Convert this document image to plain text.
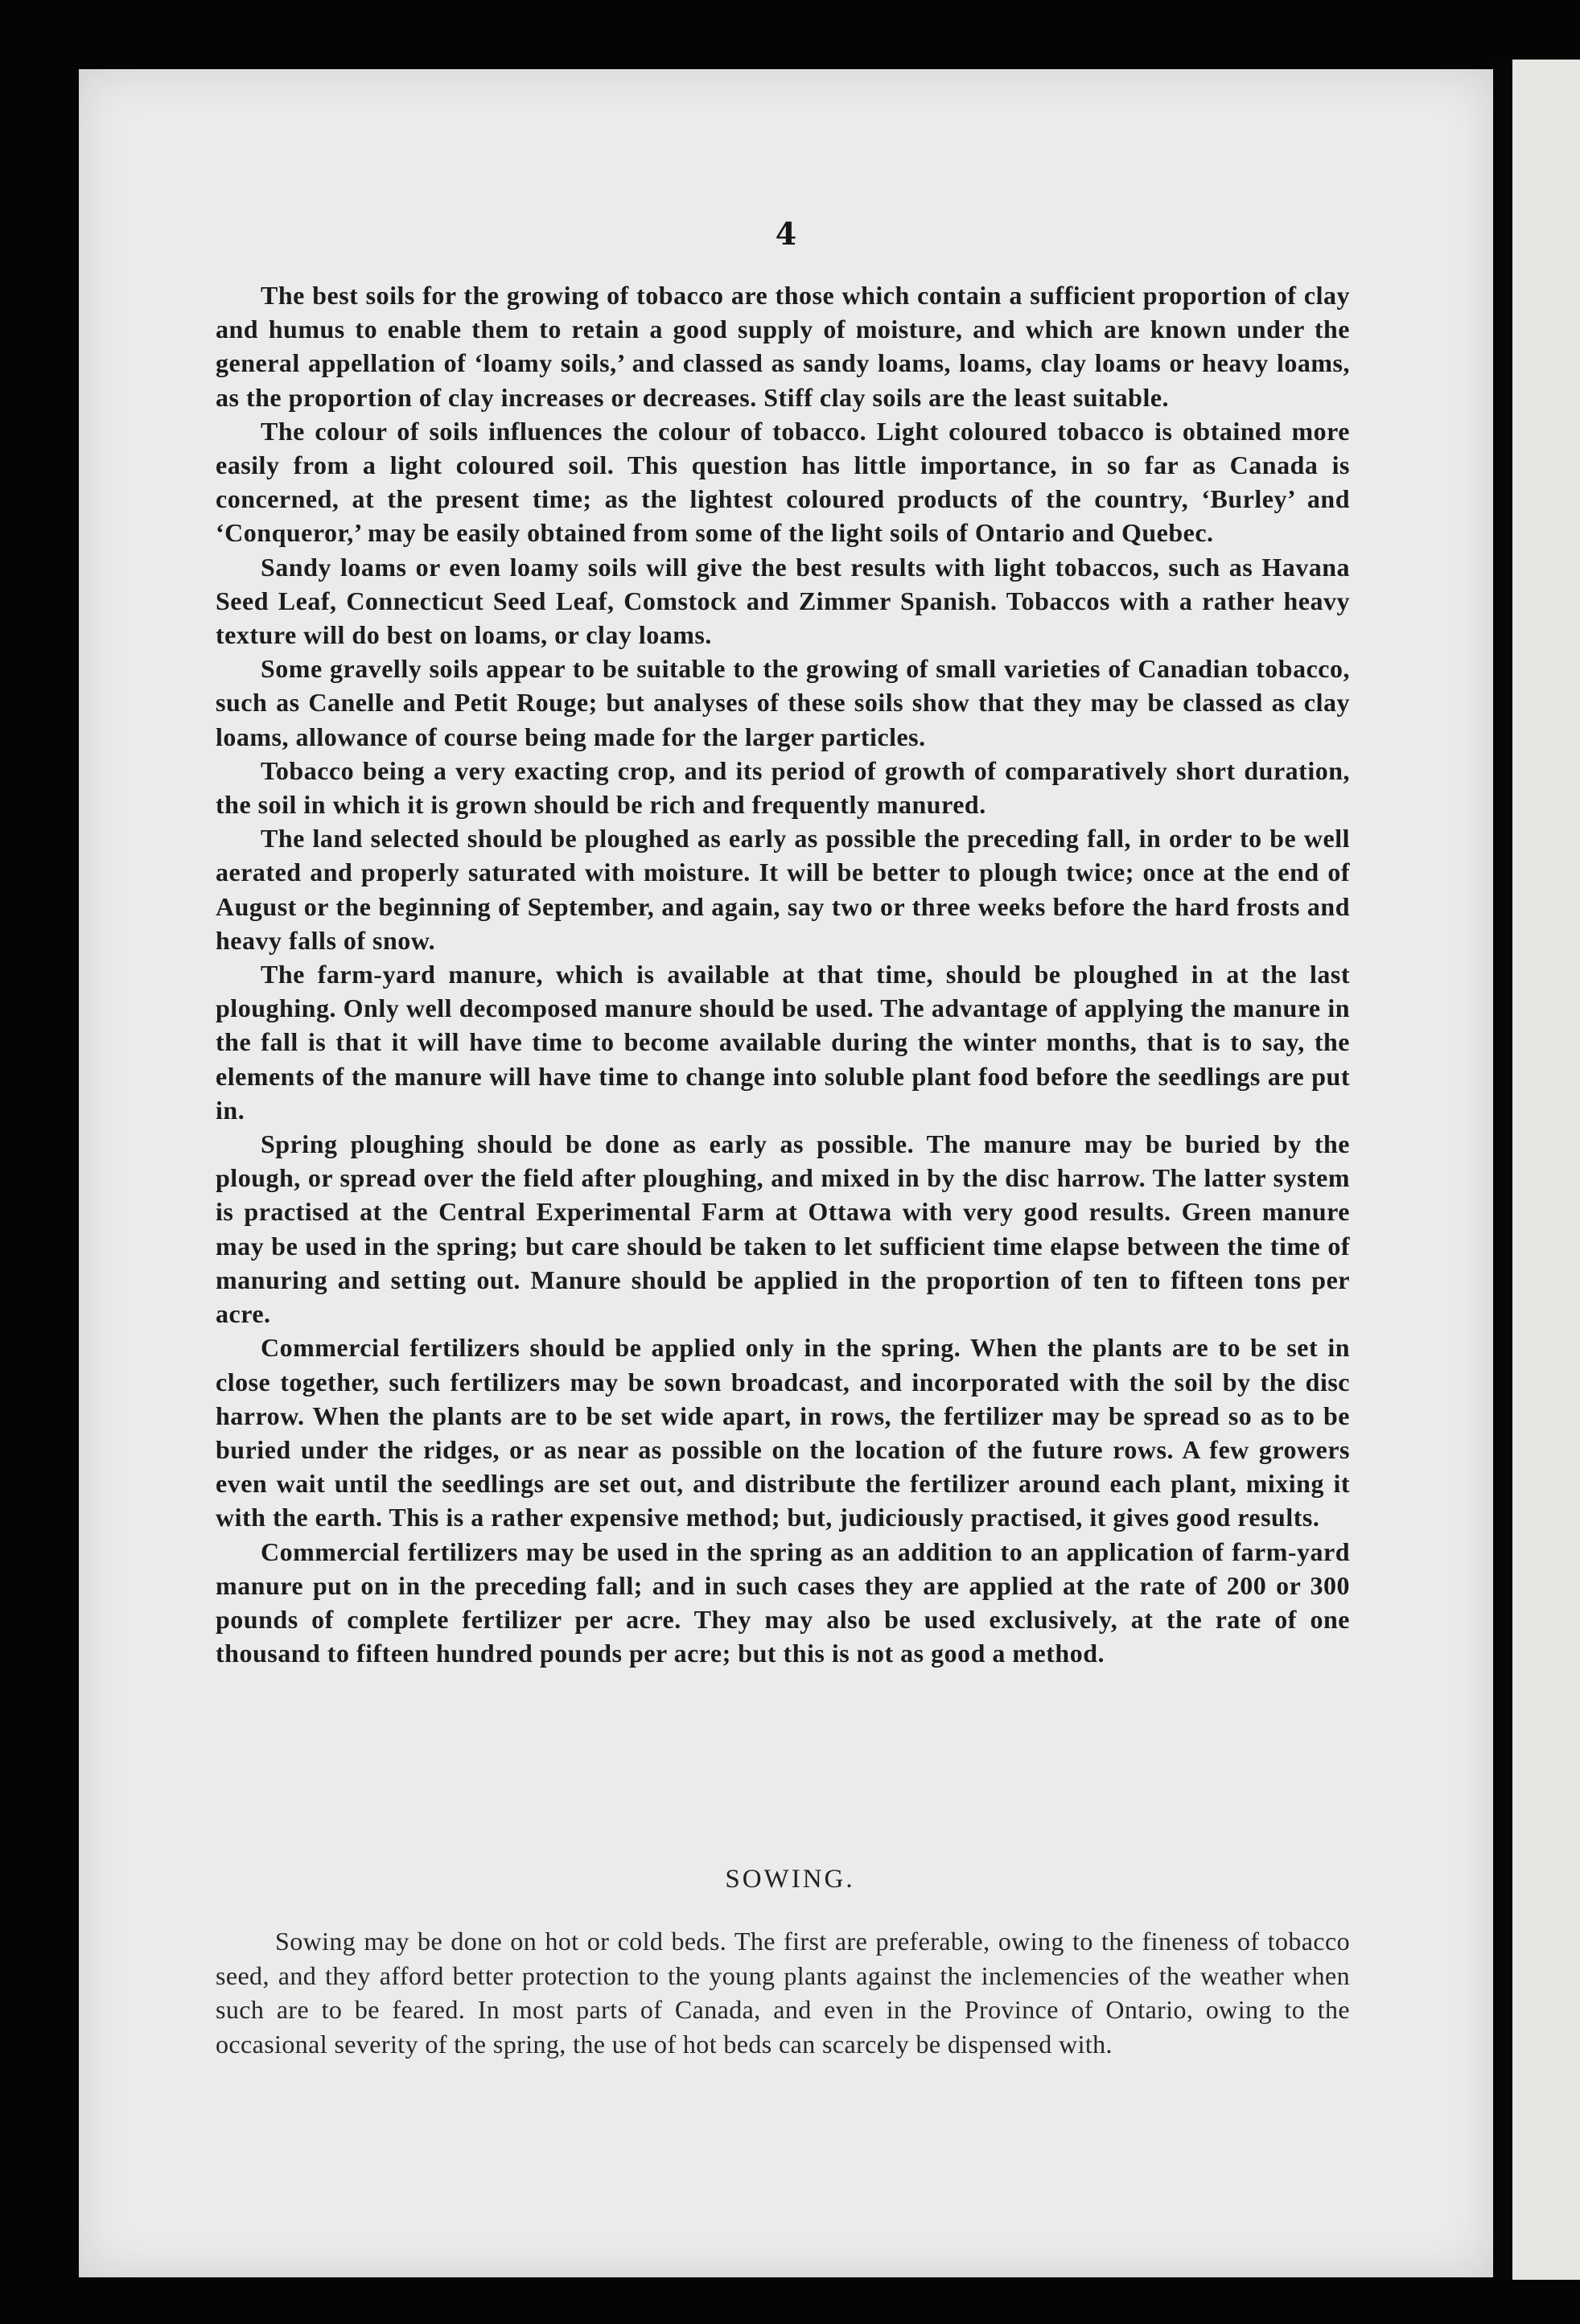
4

The best soils for the growing of tobacco are those which contain a sufficient proportion of clay and humus to enable them to retain a good supply of moisture, and which are known under the general appellation of ‘loamy soils,’ and classed as sandy loams, loams, clay loams or heavy loams, as the proportion of clay increases or decreases. Stiff clay soils are the least suitable.

The colour of soils influences the colour of tobacco. Light coloured tobacco is obtained more easily from a light coloured soil. This question has little importance, in so far as Canada is concerned, at the present time; as the lightest coloured products of the country, ‘Burley’ and ‘Conqueror,’ may be easily obtained from some of the light soils of Ontario and Quebec.

Sandy loams or even loamy soils will give the best results with light tobaccos, such as Havana Seed Leaf, Connecticut Seed Leaf, Comstock and Zimmer Spanish. Tobaccos with a rather heavy texture will do best on loams, or clay loams.

Some gravelly soils appear to be suitable to the growing of small varieties of Canadian tobacco, such as Canelle and Petit Rouge; but analyses of these soils show that they may be classed as clay loams, allowance of course being made for the larger particles.

Tobacco being a very exacting crop, and its period of growth of comparatively short duration, the soil in which it is grown should be rich and frequently manured.

The land selected should be ploughed as early as possible the preceding fall, in order to be well aerated and properly saturated with moisture. It will be better to plough twice; once at the end of August or the beginning of September, and again, say two or three weeks before the hard frosts and heavy falls of snow.

The farm-yard manure, which is available at that time, should be ploughed in at the last ploughing. Only well decomposed manure should be used. The advantage of applying the manure in the fall is that it will have time to become available during the winter months, that is to say, the elements of the manure will have time to change into soluble plant food before the seedlings are put in.

Spring ploughing should be done as early as possible. The manure may be buried by the plough, or spread over the field after ploughing, and mixed in by the disc harrow. The latter system is practised at the Central Experimental Farm at Ottawa with very good results. Green manure may be used in the spring; but care should be taken to let sufficient time elapse between the time of manuring and setting out. Manure should be applied in the proportion of ten to fifteen tons per acre.

Commercial fertilizers should be applied only in the spring. When the plants are to be set in close together, such fertilizers may be sown broadcast, and incorporated with the soil by the disc harrow. When the plants are to be set wide apart, in rows, the fertilizer may be spread so as to be buried under the ridges, or as near as possible on the location of the future rows. A few growers even wait until the seedlings are set out, and distribute the fertilizer around each plant, mixing it with the earth. This is a rather expensive method; but, judiciously practised, it gives good results.

Commercial fertilizers may be used in the spring as an addition to an application of farm-yard manure put on in the preceding fall; and in such cases they are applied at the rate of 200 or 300 pounds of complete fertilizer per acre. They may also be used exclusively, at the rate of one thousand to fifteen hundred pounds per acre; but this is not as good a method.

SOWING.

Sowing may be done on hot or cold beds. The first are preferable, owing to the fineness of tobacco seed, and they afford better protection to the young plants against the inclemencies of the weather when such are to be feared. In most parts of Canada, and even in the Province of Ontario, owing to the occasional severity of the spring, the use of hot beds can scarcely be dispensed with.
